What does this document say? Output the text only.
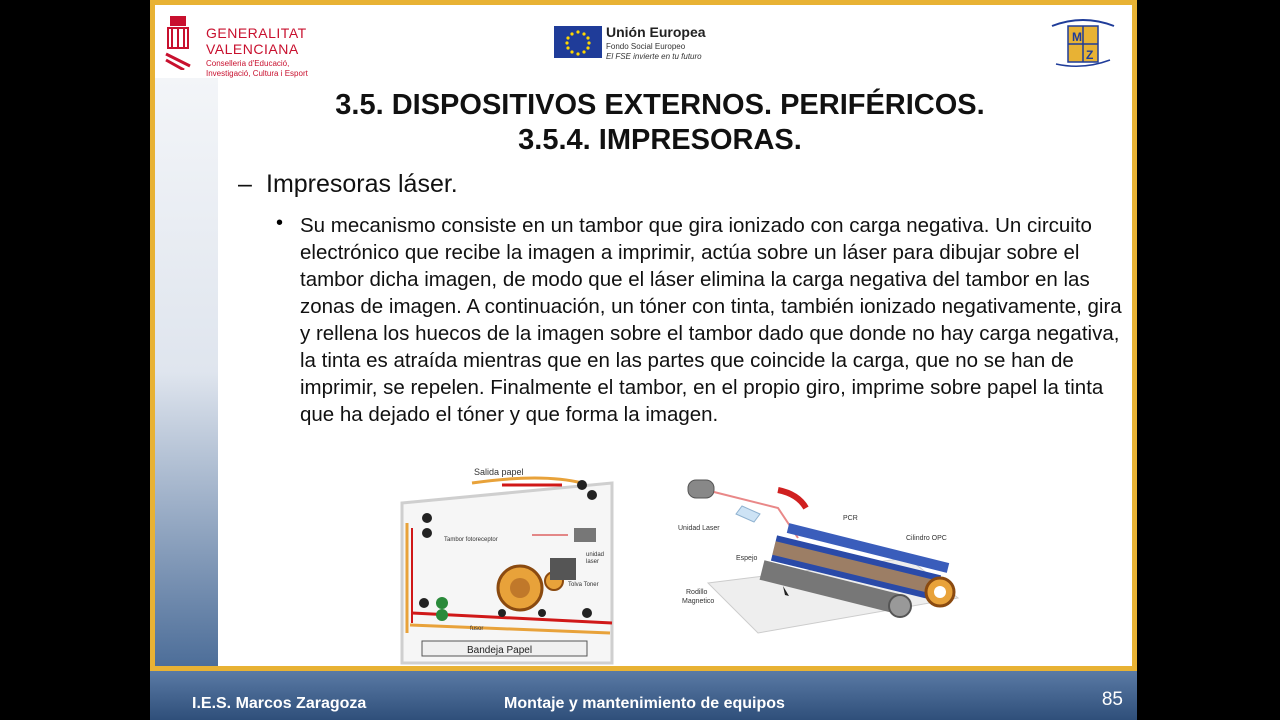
GENERALITAT
VALENCIANA
Conselleria d'Educació, Investigació, Cultura i Esport
Unión Europea
Fondo Social Europeo
El FSE invierte en tu futuro
M
Z
3.5. DISPOSITIVOS EXTERNOS. PERIFÉRICOS.
3.5.4. IMPRESORAS.
– Impresoras láser.
• Su mecanismo consiste en un tambor que gira ionizado con carga negativa. Un circuito electrónico que recibe la imagen a imprimir, actúa sobre un láser para dibujar sobre el tambor dicha imagen, de modo que el láser elimina la carga negativa del tambor en las zonas de imagen. A continuación, un tóner con tinta, también ionizado negativamente, gira y rellena los huecos de la imagen sobre el tambor dado que donde no hay carga negativa, la tinta es atraída mientras que en las partes que coincide la carga, que no se han de imprimir, se repelen. Finalmente el tambor, en el propio giro, imprime sobre papel la tinta que ha dejado el tóner y que forma la imagen.
Salida papel
Tambor fotoreceptor
Tolva Toner
unidad
laser
fusor
Bandeja Papel
Unidad Laser
Espejo
PCR
Cilindro OPC
Rodillo
Magnetico
I.E.S. Marcos Zaragoza	Montaje y mantenimiento de equipos	85
